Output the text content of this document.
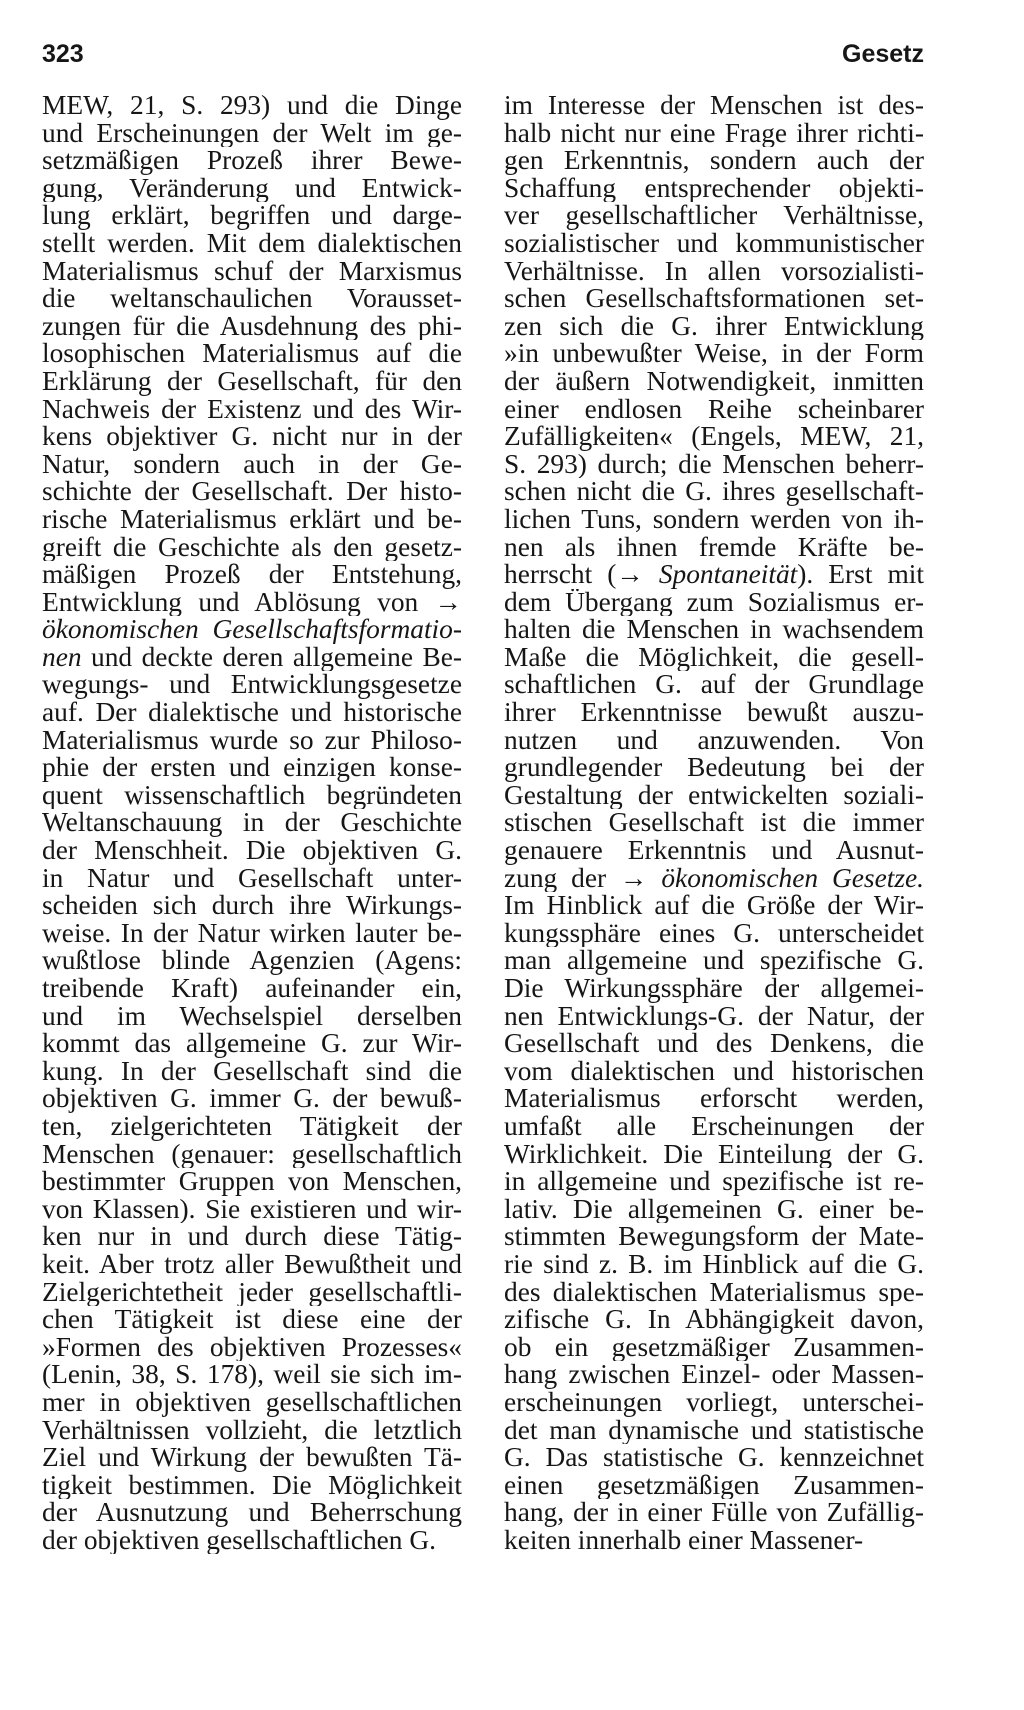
323	Gesetz
MEW, 21, S. 293) und die Dinge
und Erscheinungen der Welt im ge-
setzmäßigen Prozeß ihrer Bewe-
gung, Veränderung und Entwick-
lung erklärt, begriffen und darge-
stellt werden. Mit dem dialektischen
Materialismus schuf der Marxismus
die weltanschaulichen Vorausset-
zungen für die Ausdehnung des phi-
losophischen Materialismus auf die
Erklärung der Gesellschaft, für den
Nachweis der Existenz und des Wir-
kens objektiver G. nicht nur in der
Natur, sondern auch in der Ge-
schichte der Gesellschaft. Der histo-
rische Materialismus erklärt und be-
greift die Geschichte als den gesetz-
mäßigen Prozeß der Entstehung,
Entwicklung und Ablösung von →
ökonomischen Gesellschaftsformatio-
nen und deckte deren allgemeine Be-
wegungs- und Entwicklungsgesetze
auf. Der dialektische und historische
Materialismus wurde so zur Philoso-
phie der ersten und einzigen konse-
quent wissenschaftlich begründeten
Weltanschauung in der Geschichte
der Menschheit. Die objektiven G.
in Natur und Gesellschaft unter-
scheiden sich durch ihre Wirkungs-
weise. In der Natur wirken lauter be-
wußtlose blinde Agenzien (Agens:
treibende Kraft) aufeinander ein,
und im Wechselspiel derselben
kommt das allgemeine G. zur Wir-
kung. In der Gesellschaft sind die
objektiven G. immer G. der bewuß-
ten, zielgerichteten Tätigkeit der
Menschen (genauer: gesellschaftlich
bestimmter Gruppen von Menschen,
von Klassen). Sie existieren und wir-
ken nur in und durch diese Tätig-
keit. Aber trotz aller Bewußtheit und
Zielgerichtetheit jeder gesellschaftli-
chen Tätigkeit ist diese eine der
»Formen des objektiven Prozesses«
(Lenin, 38, S. 178), weil sie sich im-
mer in objektiven gesellschaftlichen
Verhältnissen vollzieht, die letztlich
Ziel und Wirkung der bewußten Tä-
tigkeit bestimmen. Die Möglichkeit
der Ausnutzung und Beherrschung
der objektiven gesellschaftlichen G.
im Interesse der Menschen ist des-
halb nicht nur eine Frage ihrer richti-
gen Erkenntnis, sondern auch der
Schaffung entsprechender objekti-
ver gesellschaftlicher Verhältnisse,
sozialistischer und kommunistischer
Verhältnisse. In allen vorsozialisti-
schen Gesellschaftsformationen set-
zen sich die G. ihrer Entwicklung
»in unbewußter Weise, in der Form
der äußern Notwendigkeit, inmitten
einer endlosen Reihe scheinbarer
Zufälligkeiten« (Engels, MEW, 21,
S. 293) durch; die Menschen beherr-
schen nicht die G. ihres gesellschaft-
lichen Tuns, sondern werden von ih-
nen als ihnen fremde Kräfte be-
herrscht (→ Spontaneität). Erst mit
dem Übergang zum Sozialismus er-
halten die Menschen in wachsendem
Maße die Möglichkeit, die gesell-
schaftlichen G. auf der Grundlage
ihrer Erkenntnisse bewußt auszu-
nutzen und anzuwenden. Von
grundlegender Bedeutung bei der
Gestaltung der entwickelten soziali-
stischen Gesellschaft ist die immer
genauere Erkenntnis und Ausnut-
zung der → ökonomischen Gesetze.
Im Hinblick auf die Größe der Wir-
kungssphäre eines G. unterscheidet
man allgemeine und spezifische G.
Die Wirkungssphäre der allgemei-
nen Entwicklungs-G. der Natur, der
Gesellschaft und des Denkens, die
vom dialektischen und historischen
Materialismus erforscht werden,
umfaßt alle Erscheinungen der
Wirklichkeit. Die Einteilung der G.
in allgemeine und spezifische ist re-
lativ. Die allgemeinen G. einer be-
stimmten Bewegungsform der Mate-
rie sind z. B. im Hinblick auf die G.
des dialektischen Materialismus spe-
zifische G. In Abhängigkeit davon,
ob ein gesetzmäßiger Zusammen-
hang zwischen Einzel- oder Massen-
erscheinungen vorliegt, unterschei-
det man dynamische und statistische
G. Das statistische G. kennzeichnet
einen gesetzmäßigen Zusammen-
hang, der in einer Fülle von Zufällig-
keiten innerhalb einer Massener-
